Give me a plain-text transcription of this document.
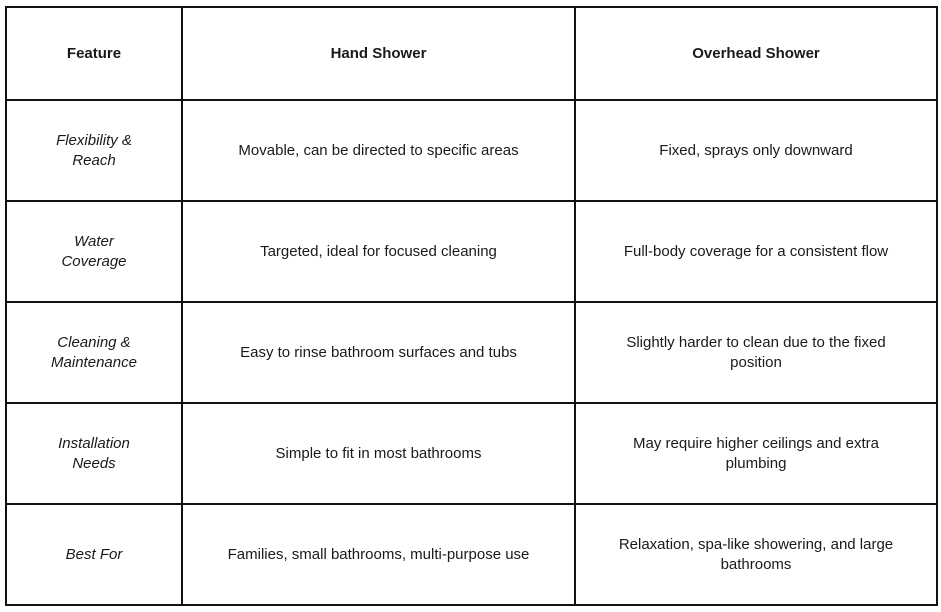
Feature	Hand Shower	Overhead Shower
Flexibility & Reach	Movable, can be directed to specific areas	Fixed, sprays only downward
Water Coverage	Targeted, ideal for focused cleaning	Full-body coverage for a consistent flow
Cleaning & Maintenance	Easy to rinse bathroom surfaces and tubs	Slightly harder to clean due to the fixed position
Installation Needs	Simple to fit in most bathrooms	May require higher ceilings and extra plumbing
Best For	Families, small bathrooms, multi-purpose use	Relaxation, spa-like showering, and large bathrooms
